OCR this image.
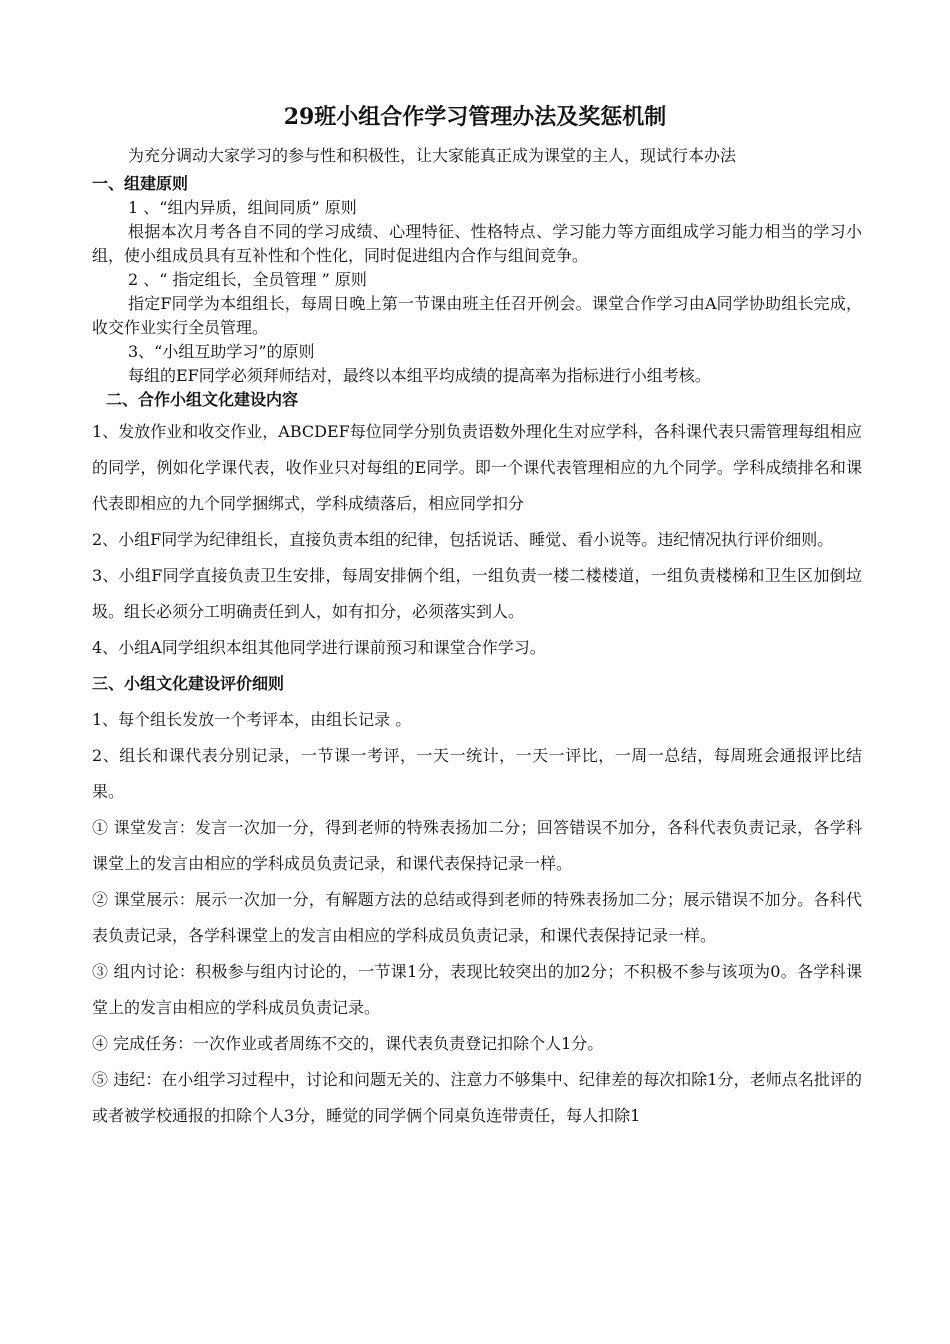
29班小组合作学习管理办法及奖惩机制

为充分调动大家学习的参与性和积极性，让大家能真正成为课堂的主人，现试行本办法

一、组建原则

1 、“组内异质，组间同质” 原则

根据本次月考各自不同的学习成绩、心理特征、性格特点、学习能力等方面组成学习能力相当的学习小组，使小组成员具有互补性和个性化，同时促进组内合作与组间竞争。

2 、“ 指定组长，全员管理 ” 原则

指定F同学为本组组长，每周日晚上第一节课由班主任召开例会。课堂合作学习由A同学协助组长完成，收交作业实行全员管理。

3、“小组互助学习”的原则

每组的EF同学必须拜师结对，最终以本组平均成绩的提高率为指标进行小组考核。

二、合作小组文化建设内容

1、发放作业和收交作业，ABCDEF每位同学分别负责语数外理化生对应学科，各科课代表只需管理每组相应的同学，例如化学课代表，收作业只对每组的E同学。即一个课代表管理相应的九个同学。学科成绩排名和课代表即相应的九个同学捆绑式，学科成绩落后，相应同学扣分

2、小组F同学为纪律组长，直接负责本组的纪律，包括说话、睡觉、看小说等。违纪情况执行评价细则。

3、小组F同学直接负责卫生安排，每周安排俩个组，一组负责一楼二楼楼道，一组负责楼梯和卫生区加倒垃圾。组长必须分工明确责任到人，如有扣分，必须落实到人。

4、小组A同学组织本组其他同学进行课前预习和课堂合作学习。

三、小组文化建设评价细则

1、每个组长发放一个考评本，由组长记录 。

2、组长和课代表分别记录，一节课一考评，一天一统计，一天一评比，一周一总结，每周班会通报评比结果。

① 课堂发言：发言一次加一分，得到老师的特殊表扬加二分；回答错误不加分，各科代表负责记录，各学科课堂上的发言由相应的学科成员负责记录，和课代表保持记录一样。

② 课堂展示：展示一次加一分，有解题方法的总结或得到老师的特殊表扬加二分；展示错误不加分。各科代表负责记录，各学科课堂上的发言由相应的学科成员负责记录，和课代表保持记录一样。

③ 组内讨论：积极参与组内讨论的，一节课1分，表现比较突出的加2分；不积极不参与该项为0。各学科课堂上的发言由相应的学科成员负责记录。

④ 完成任务：一次作业或者周练不交的，课代表负责登记扣除个人1分。

⑤ 违纪：在小组学习过程中，讨论和问题无关的、注意力不够集中、纪律差的每次扣除1分，老师点名批评的或者被学校通报的扣除个人3分，睡觉的同学俩个同桌负连带责任，每人扣除1
